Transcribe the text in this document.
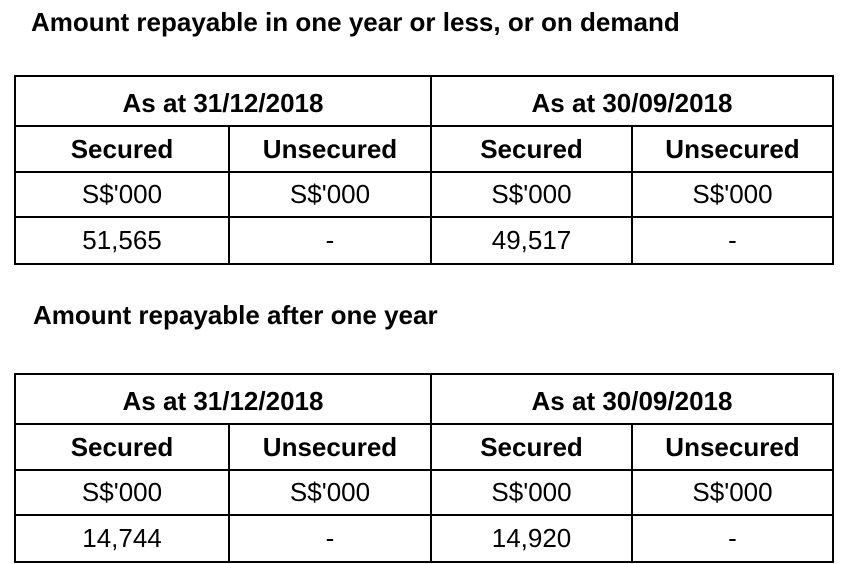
Amount repayable in one year or less, or on demand
As at 31/12/2018		As at 30/09/2018	
Secured	Unsecured	Secured	Unsecured
S$'000	S$'000	S$'000	S$'000
51,565	-	49,517	-
Amount repayable after one year
As at 31/12/2018		As at 30/09/2018	
Secured	Unsecured	Secured	Unsecured
S$'000	S$'000	S$'000	S$'000
14,744	-	14,920	-
